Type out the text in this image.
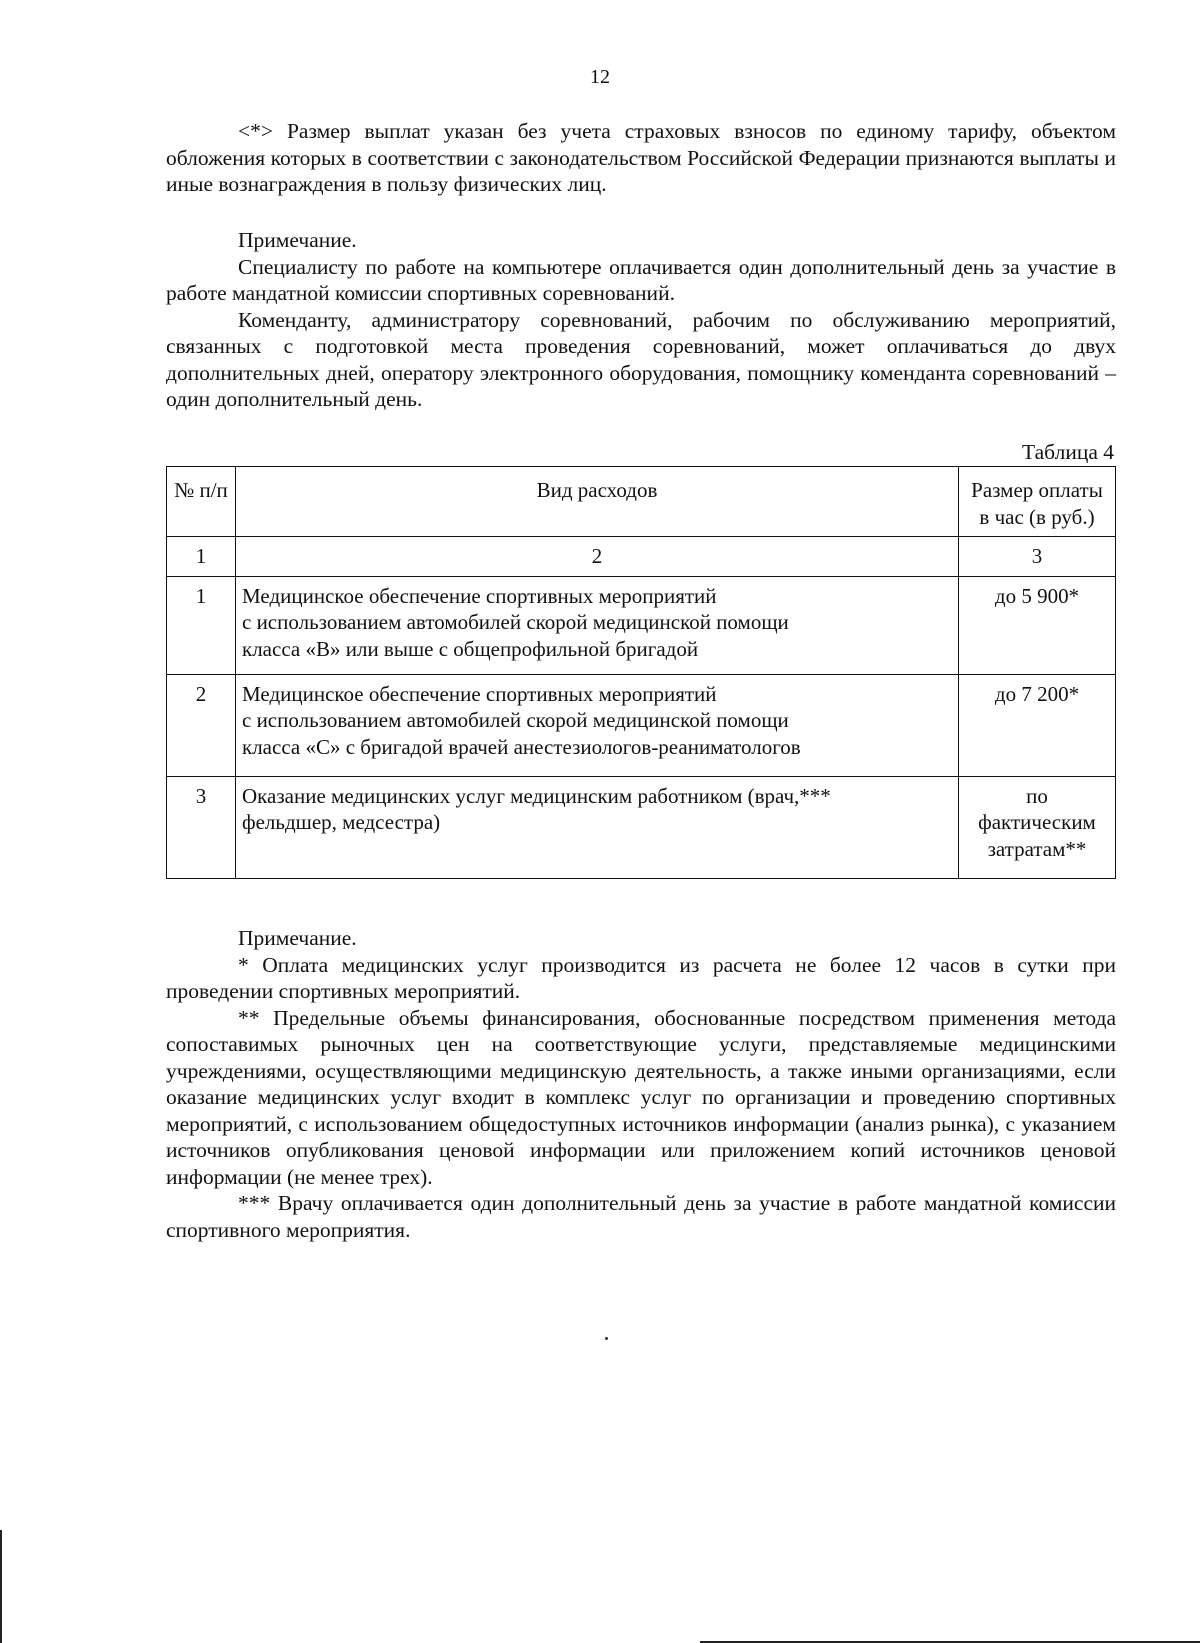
12

<*> Размер выплат указан без учета страховых взносов по единому тарифу, объектом обложения которых в соответствии с законодательством Российской Федерации признаются выплаты и иные вознаграждения в пользу физических лиц.

Примечание.

Специалисту по работе на компьютере оплачивается один дополнительный день за участие в работе мандатной комиссии спортивных соревнований.

Коменданту, администратору соревнований, рабочим по обслуживанию мероприятий, связанных с подготовкой места проведения соревнований, может оплачиваться до двух дополнительных дней, оператору электронного оборудования, помощнику коменданта соревнований – один дополнительный день.

Таблица 4
№ п/п	Вид расходов	Размер оплаты в час (в руб.)
1	2	3
1	Медицинское обеспечение спортивных мероприятий
с использованием автомобилей скорой медицинской помощи
класса «В» или выше с общепрофильной бригадой	до 5 900*
2	Медицинское обеспечение спортивных мероприятий
с использованием автомобилей скорой медицинской помощи
класса «С» с бригадой врачей анестезиологов-реаниматологов	до 7 200*
3	Оказание медицинских услуг медицинским работником (врач,***
фельдшер, медсестра)	по фактическим затратам**

Примечание.

* Оплата медицинских услуг производится из расчета не более 12 часов в сутки при проведении спортивных мероприятий.

** Предельные объемы финансирования, обоснованные посредством применения метода сопоставимых рыночных цен на соответствующие услуги, представляемые медицинскими учреждениями, осуществляющими медицинскую деятельность, а также иными организациями, если оказание медицинских услуг входит в комплекс услуг по организации и проведению спортивных мероприятий, с использованием общедоступных источников информации (анализ рынка), с указанием источников опубликования ценовой информации или приложением копий источников ценовой информации (не менее трех).

*** Врачу оплачивается один дополнительный день за участие в работе мандатной комиссии спортивного мероприятия.
